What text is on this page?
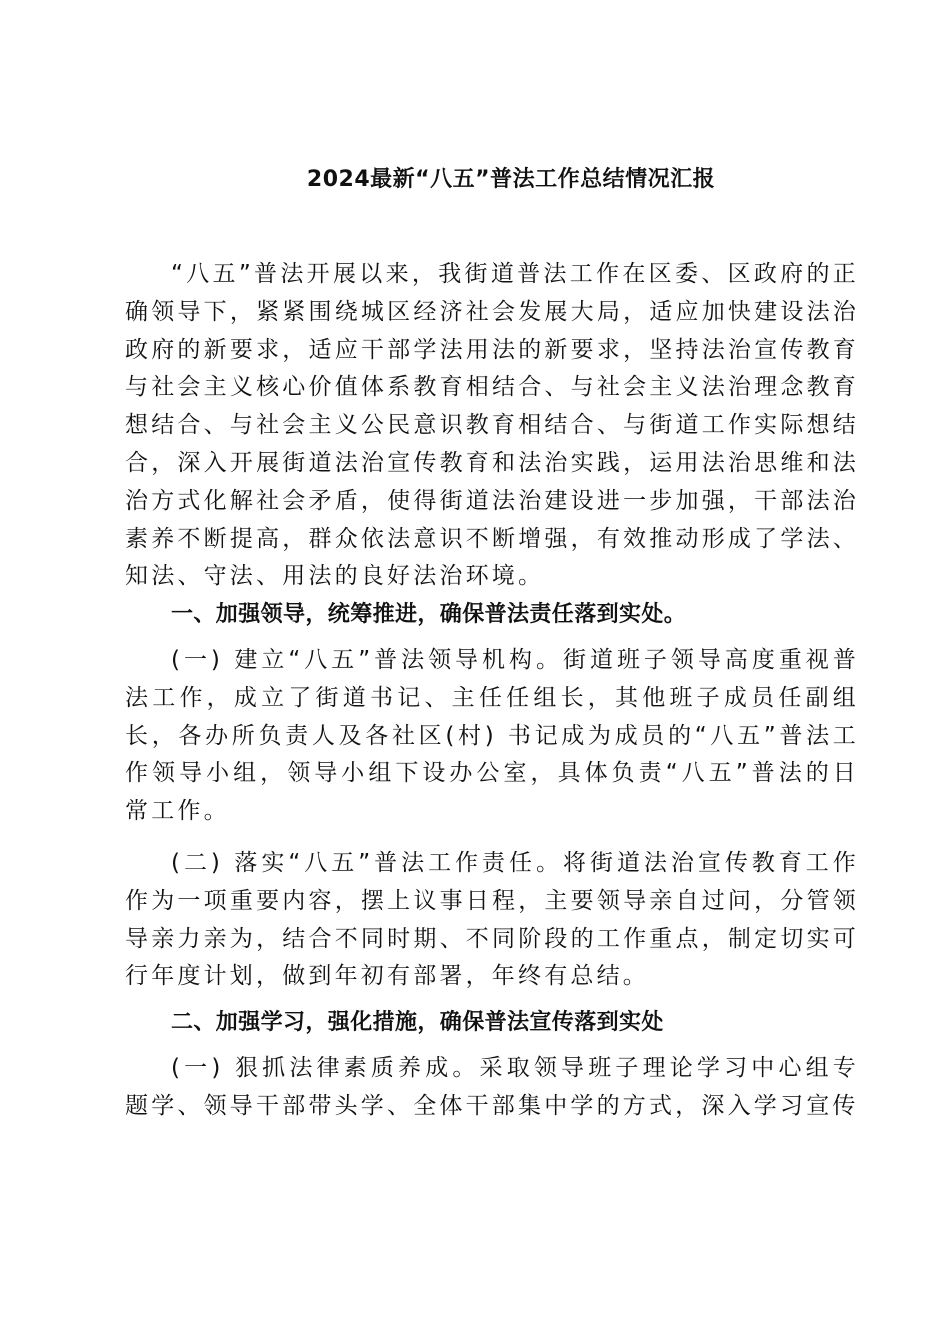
2024最新“八五”普法工作总结情况汇报

“八五”普法开展以来，我街道普法工作在区委、区政府的正确领导下，紧紧围绕城区经济社会发展大局，适应加快建设法治政府的新要求，适应干部学法用法的新要求，坚持法治宣传教育与社会主义核心价值体系教育相结合、与社会主义法治理念教育想结合、与社会主义公民意识教育相结合、与街道工作实际想结合，深入开展街道法治宣传教育和法治实践，运用法治思维和法治方式化解社会矛盾，使得街道法治建设进一步加强，干部法治素养不断提高，群众依法意识不断增强，有效推动形成了学法、知法、守法、用法的良好法治环境。

一、加强领导，统筹推进，确保普法责任落到实处。

(一) 建立“八五”普法领导机构。街道班子领导高度重视普法工作，成立了街道书记、主任任组长，其他班子成员任副组长，各办所负责人及各社区(村) 书记成为成员的“八五”普法工作领导小组，领导小组下设办公室，具体负责“八五”普法的日常工作。

(二) 落实“八五”普法工作责任。将街道法治宣传教育工作作为一项重要内容，摆上议事日程，主要领导亲自过问，分管领导亲力亲为，结合不同时期、不同阶段的工作重点，制定切实可行年度计划，做到年初有部署，年终有总结。

二、加强学习，强化措施，确保普法宣传落到实处

(一) 狠抓法律素质养成。采取领导班子理论学习中心组专题学、领导干部带头学、全体干部集中学的方式，深入学习宣传
